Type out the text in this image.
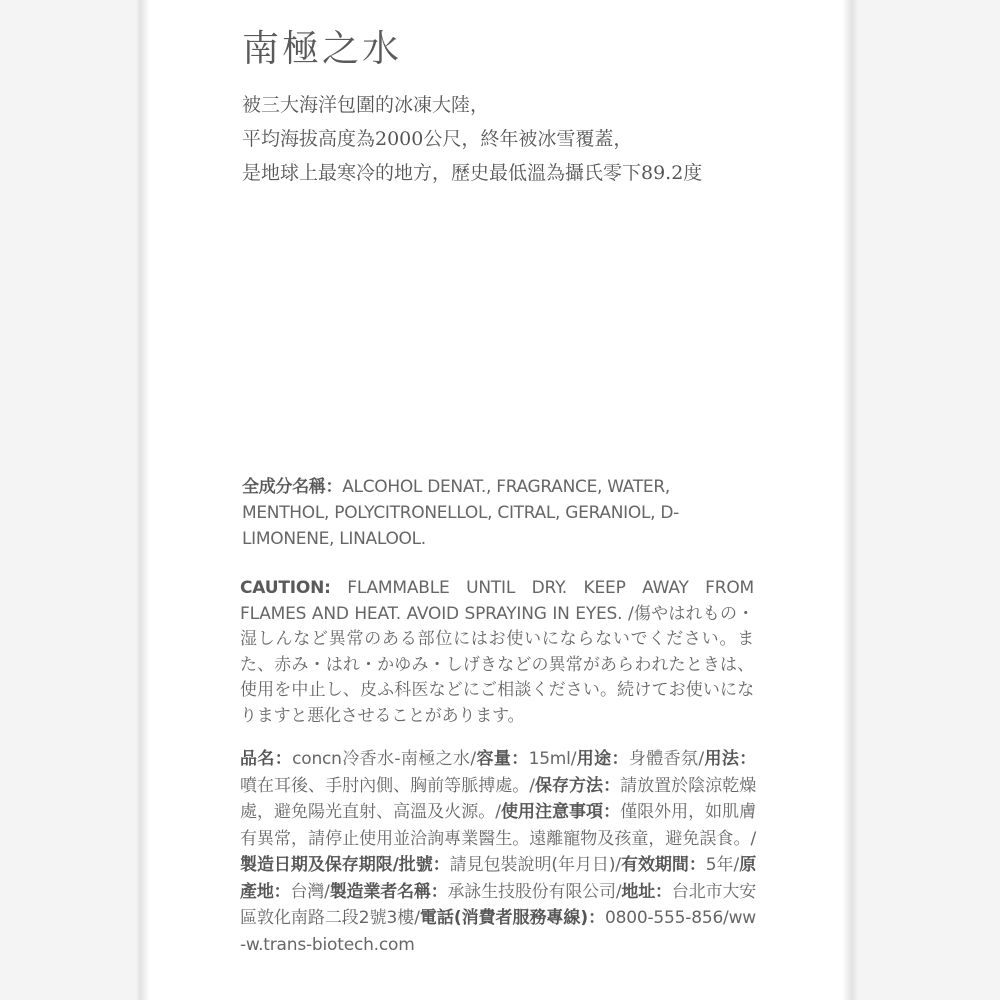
南極之水
被三大海洋包圍的冰凍大陸，
平均海拔高度為2000公尺，終年被冰雪覆蓋，
是地球上最寒冷的地方，歷史最低溫為攝氏零下89.2度
全成分名稱：ALCOHOL DENAT., FRAGRANCE, WATER, MENTHOL, POLYCITRONELLOL, CITRAL, GERANIOL, D-LIMONENE, LINALOOL.
CAUTION: FLAMMABLE UNTIL DRY. KEEP AWAY FROM FLAMES AND HEAT. AVOID SPRAYING IN EYES. /傷やはれもの・湿しんなど異常のある部位にはお使いにならないでください。また、赤み・はれ・かゆみ・しげきなどの異常があらわれたときは、使用を中止し、皮ふ科医などにご相談ください。続けてお使いになりますと悪化させることがあります。
品名：concn冷香水-南極之水/容量：15ml/用途：身體香氛/用法：噴在耳後、手肘內側、胸前等脈搏處。/保存方法：請放置於陰涼乾燥處，避免陽光直射、高溫及火源。/使用注意事項：僅限外用，如肌膚有異常，請停止使用並洽詢專業醫生。遠離寵物及孩童，避免誤食。/製造日期及保存期限/批號：請見包裝說明(年月日)/有效期間：5年/原產地：台灣/製造業者名稱：承詠生技股份有限公司/地址：台北市大安區敦化南路二段2號3樓/電話(消費者服務專線)：0800-555-856/ww-w.trans-biotech.com
